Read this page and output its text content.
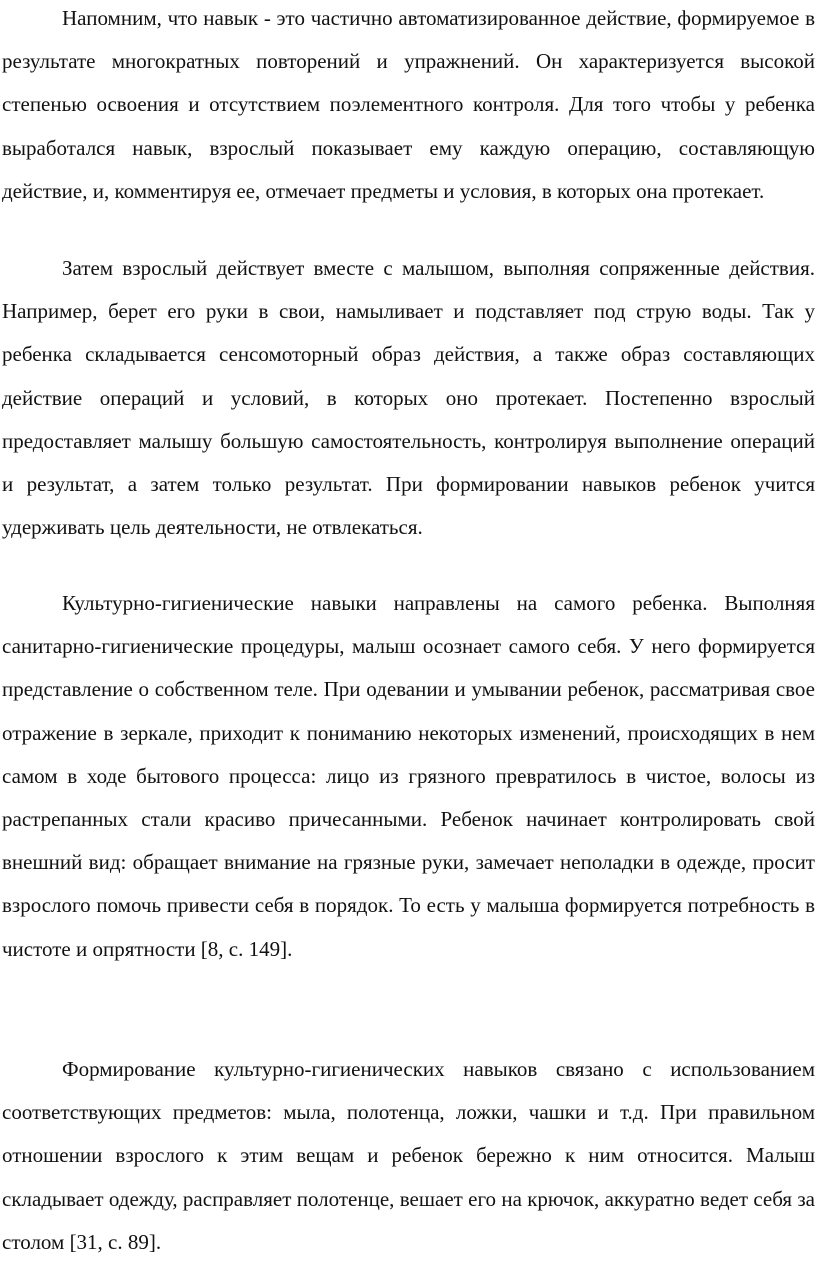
Напомним, что навык - это частично автоматизированное действие, формируемое в результате многократных повторений и упражнений. Он характеризуется высокой степенью освоения и отсутствием поэлементного контроля. Для того чтобы у ребенка выработался навык, взрослый показывает ему каждую операцию, составляющую действие, и, комментируя ее, отмечает предметы и условия, в которых она протекает.

Затем взрослый действует вместе с малышом, выполняя сопряженные действия. Например, берет его руки в свои, намыливает и подставляет под струю воды. Так у ребенка складывается сенсомоторный образ действия, а также образ составляющих действие операций и условий, в которых оно протекает. Постепенно взрослый предоставляет малышу большую самостоятельность, контролируя выполнение операций и результат, а затем только результат. При формировании навыков ребенок учится удерживать цель деятельности, не отвлекаться.

Культурно-гигиенические навыки направлены на самого ребенка. Выполняя санитарно-гигиенические процедуры, малыш осознает самого себя. У него формируется представление о собственном теле. При одевании и умывании ребенок, рассматривая свое отражение в зеркале, приходит к пониманию некоторых изменений, происходящих в нем самом в ходе бытового процесса: лицо из грязного превратилось в чистое, волосы из растрепанных стали красиво причесанными. Ребенок начинает контролировать свой внешний вид: обращает внимание на грязные руки, замечает неполадки в одежде, просит взрослого помочь привести себя в порядок. То есть у малыша формируется потребность в чистоте и опрятности [8, с. 149].

Формирование культурно-гигиенических навыков связано с использованием соответствующих предметов: мыла, полотенца, ложки, чашки и т.д. При правильном отношении взрослого к этим вещам и ребенок бережно к ним относится. Малыш складывает одежду, расправляет полотенце, вешает его на крючок, аккуратно ведет себя за столом [31, с. 89].
